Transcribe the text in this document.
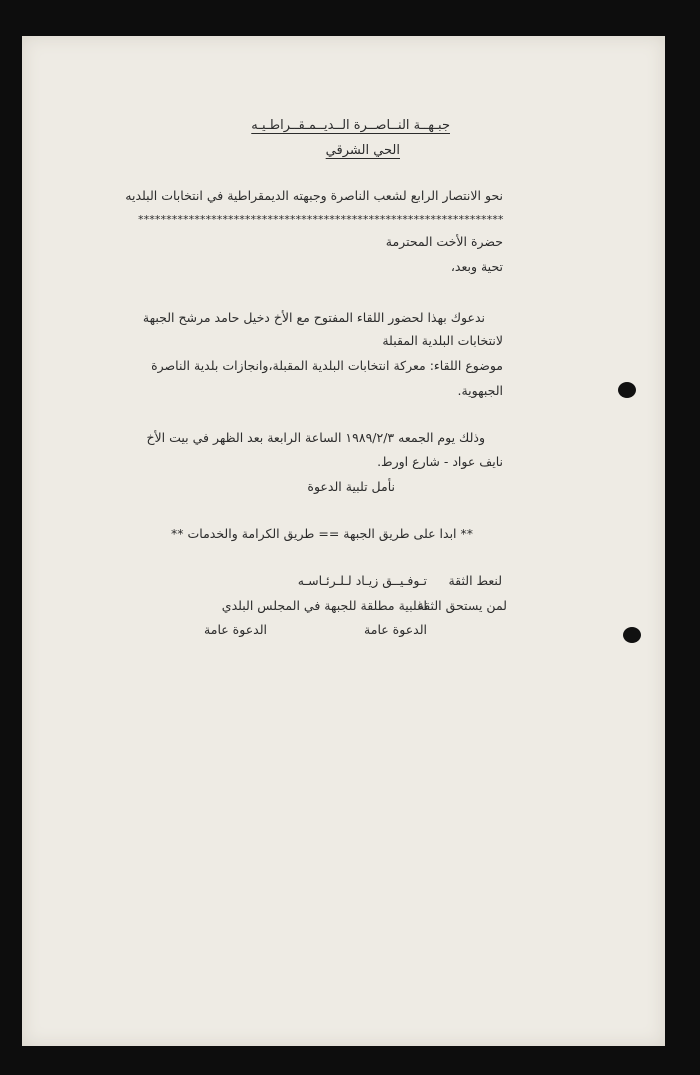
جبـهــة النــاصــرة الــديــمـقــراطـيـه
الحي الشرقي
نحو الانتصار الرابع لشعب الناصرة وجبهته الديمقراطية في انتخابات البلديه
*****************************************************************
حضرة الأخت المحترمة
تحية وبعد،
ندعوك بهذا لحضور اللقاء المفتوح مع الأخ دخيل حامد مرشح الجبهة
لانتخابات البلدية المقبلة
موضوع اللقاء: معركة انتخابات البلدية المقبلة،وانجازات بلدية الناصرة
الجبهوية.
وذلك يوم الجمعه ١٩٨٩/٢/٣ الساعة الرابعة بعد الظهر في بيت الأخ
نايف عواد - شارع اورط.
نأمل تلبية الدعوة
** ابدا على طريق الجبهة == طريق الكرامة والخدمات **
لنعط الثقة
تـوفـيــق زيـاد لـلـرئـاسـه
لمن يستحق الثقة
اغلبية مطلقة للجبهة في المجلس البلدي
الدعوة عامة
الدعوة عامة
